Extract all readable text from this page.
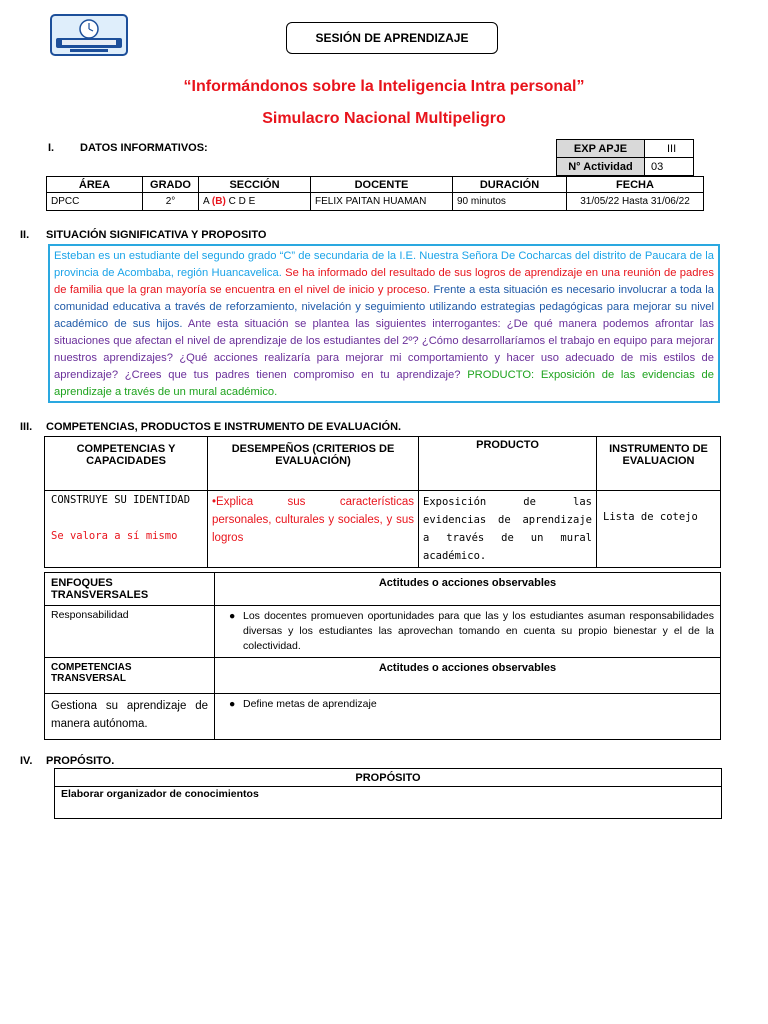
SESIÓN DE APRENDIZAJE
“Informándonos sobre la Inteligencia Intra personal”
Simulacro Nacional Multipeligro
I. DATOS INFORMATIVOS:	EXP APJE	III
N° Actividad	03
ÁREA	GRADO	SECCIÓN	DOCENTE	DURACIÓN	FECHA
DPCC	2°	A (B) C D E	FELIX PAITAN HUAMAN	90 minutos	31/05/22 Hasta 31/06/22
II. SITUACIÓN SIGNIFICATIVA Y PROPOSITO
Esteban es un estudiante del segundo grado “C” de secundaria de la I.E. Nuestra Señora De Cocharcas del distrito de Paucara de la provincia de Acombaba, región Huancavelica. Se ha informado del resultado de sus logros de aprendizaje en una reunión de padres de familia que la gran mayoría se encuentra en el nivel de inicio y proceso. Frente a esta situación es necesario involucrar a toda la comunidad educativa a través de reforzamiento, nivelación y seguimiento utilizando estrategias pedagógicas para mejorar su nivel académico de sus hijos. Ante esta situación se plantea las siguientes interrogantes: ¿De qué manera podemos afrontar las situaciones que afectan el nivel de aprendizaje de los estudiantes del 2º? ¿Cómo desarrollaríamos el trabajo en equipo para mejorar nuestros aprendizajes? ¿Qué acciones realizaría para mejorar mi comportamiento y hacer uso adecuado de mis estilos de aprendizaje? ¿Crees que tus padres tienen compromiso en tu aprendizaje? PRODUCTO: Exposición de las evidencias de aprendizaje a través de un mural académico.
III. COMPETENCIAS, PRODUCTOS E INSTRUMENTO DE EVALUACIÓN.
COMPETENCIAS Y CAPACIDADES	DESEMPEÑOS (CRITERIOS DE EVALUACIÓN)	PRODUCTO	INSTRUMENTO DE EVALUACION

CONSTRUYE SU IDENTIDAD
Se valora a sí mismo	•Explica sus características personales, culturales y sociales, y sus logros	Exposición de las evidencias de aprendizaje a través de un mural académico.	Lista de cotejo
ENFOQUES TRANSVERSALES	Actitudes o acciones observables
Responsabilidad	● Los docentes promueven oportunidades para que las y los estudiantes asuman responsabilidades diversas y los estudiantes las aprovechan tomando en cuenta su propio bienestar y el de la colectividad.

COMPETENCIAS TRANSVERSAL	Actitudes o acciones observables
Gestiona su aprendizaje de manera autónoma.	● Define metas de aprendizaje
IV. PROPÓSITO.
PROPÓSITO
Elaborar organizador de conocimientos
